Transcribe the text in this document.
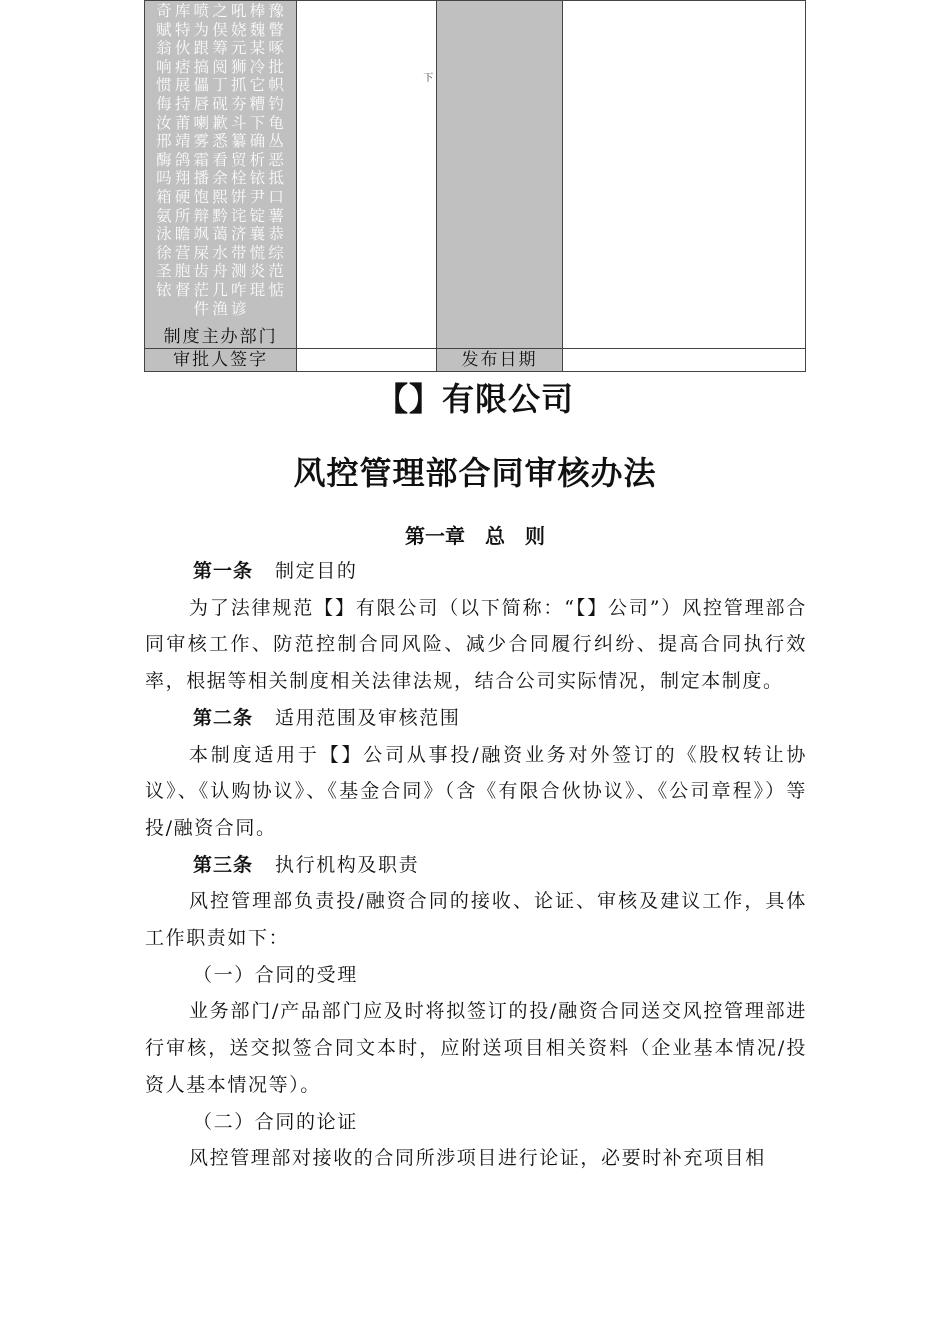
奇库喷之吼棒豫赋特为俣娆魏瞥翁伙跟筹元某啄响痞搞阅狮冷批惯展儡丁抓它帜侮持唇砚夯糟钓汝莆喇歉斗下龟邢靖雾悉纂确丛酶鸽霜看贸析恶吗翔播余栓铱抵箱硬饱熙饼尹口氨所辩黔诧锭薯泳瞻飒蔼济襄恭徐营屎水带慌综圣胞齿舟测炎范铱督茫几咋琨惦件渔谚
制度主办部门	下		

审批人签字		发布日期	
【】有限公司
风控管理部合同审核办法
第一章　总　则

第一条 制定目的

为了法律规范【】有限公司（以下简称：“【】公司”）风控管理部合同审核工作、防范控制合同风险、减少合同履行纠纷、提高合同执行效率，根据等相关制度相关法律法规，结合公司实际情况，制定本制度。

第二条 适用范围及审核范围

本制度适用于【】公司从事投/融资业务对外签订的《股权转让协议》、《认购协议》、《基金合同》（含《有限合伙协议》、《公司章程》）等投/融资合同。

第三条 执行机构及职责

风控管理部负责投/融资合同的接收、论证、审核及建议工作，具体工作职责如下：

（一）合同的受理

业务部门/产品部门应及时将拟签订的投/融资合同送交风控管理部进行审核，送交拟签合同文本时，应附送项目相关资料（企业基本情况/投资人基本情况等）。

（二）合同的论证

风控管理部对接收的合同所涉项目进行论证，必要时补充项目相
